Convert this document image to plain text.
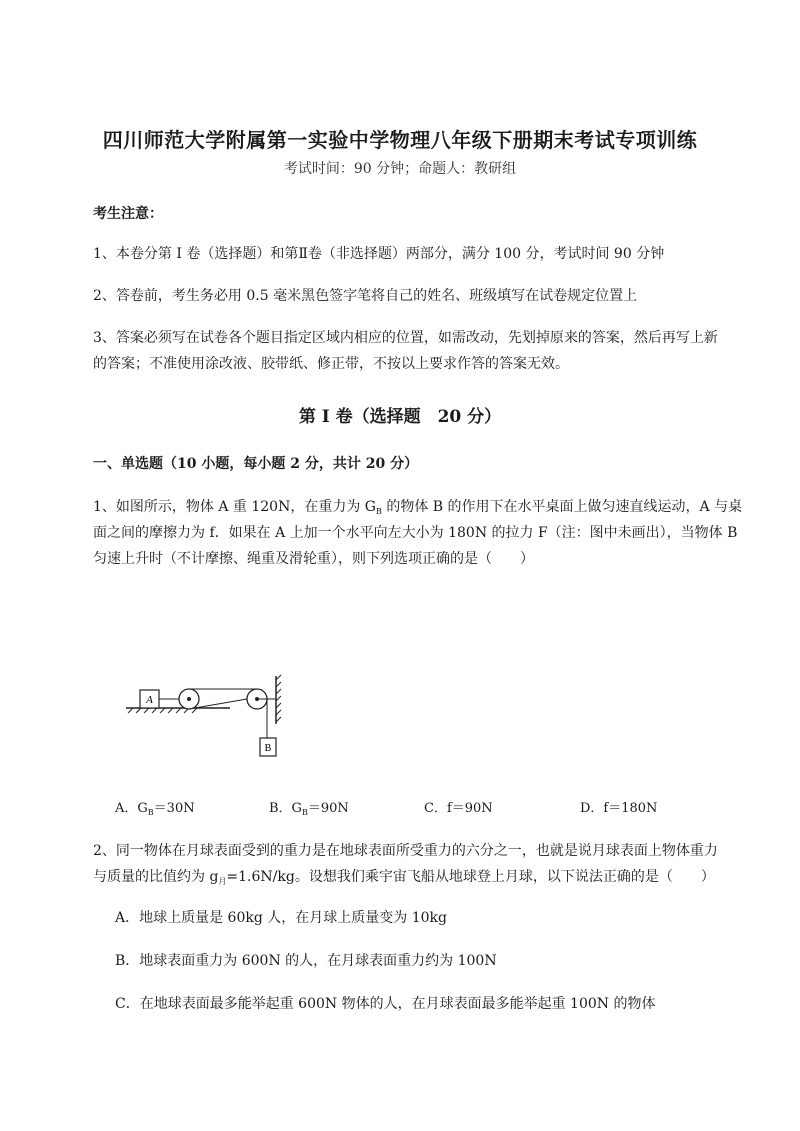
四川师范大学附属第一实验中学物理八年级下册期末考试专项训练
考试时间：90 分钟；命题人：教研组
考生注意：
1、本卷分第 I 卷（选择题）和第Ⅱ卷（非选择题）两部分，满分 100 分，考试时间 90 分钟
2、答卷前，考生务必用 0.5 毫米黑色签字笔将自己的姓名、班级填写在试卷规定位置上
3、答案必须写在试卷各个题目指定区域内相应的位置，如需改动，先划掉原来的答案，然后再写上新
的答案；不准使用涂改液、胶带纸、修正带，不按以上要求作答的答案无效。
第 I 卷（选择题　20 分）
一、单选题（10 小题，每小题 2 分，共计 20 分）
1、如图所示，物体 A 重 120N，在重力为 $G_B$ 的物体 B 的作用下在水平桌面上做匀速直线运动，A 与桌
面之间的摩擦力为 f．如果在 A 上加一个水平向左大小为 180N 的拉力 F（注：图中未画出），当物体 B
匀速上升时（不计摩擦、绳重及滑轮重），则下列选项正确的是（　　）
A
B
A．$G_B=30N$	B．$G_B=90N$	C．f＝90N	D．f＝180N
2、同一物体在月球表面受到的重力是在地球表面所受重力的六分之一，也就是说月球表面上物体重力
与质量的比值约为 $g_月=1.6N/kg$。设想我们乘宇宙飞船从地球登上月球，以下说法正确的是（　　）
A．地球上质量是 60kg 人，在月球上质量变为 10kg
B．地球表面重力为 600N 的人，在月球表面重力约为 100N
C．在地球表面最多能举起重 600N 物体的人，在月球表面最多能举起重 100N 的物体
